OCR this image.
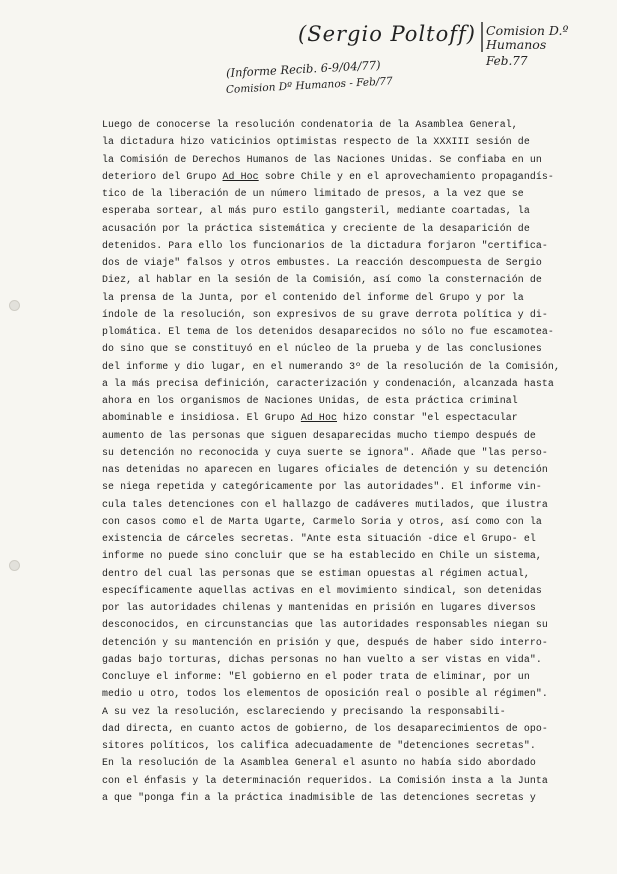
(Sergio Poltoff) Comision D.º
Humanos
Feb.77
(Informe Recib. 6-9/04/77)
Comision Dº Humanos - Feb/77
Luego de conocerse la resolución condenatoria de la Asamblea General,
la dictadura hizo vaticinios optimistas respecto de la XXXIII sesión de
la Comisión de Derechos Humanos de las Naciones Unidas. Se confiaba en un
deterioro del Grupo Ad Hoc sobre Chile y en el aprovechamiento propagandís-
tico de la liberación de un número limitado de presos, a la vez que se
esperaba sortear, al más puro estilo gangsteril, mediante coartadas, la
acusación por la práctica sistemática y creciente de la desaparición de
detenidos. Para ello los funcionarios de la dictadura forjaron "certifica-
dos de viaje" falsos y otros embustes. La reacción descompuesta de Sergio
Diez, al hablar en la sesión de la Comisión, así como la consternación de
la prensa de la Junta, por el contenido del informe del Grupo y por la
índole de la resolución, son expresivos de su grave derrota política y di-
plomática. El tema de los detenidos desaparecidos no sólo no fue escamotea-
do sino que se constituyó en el núcleo de la prueba y de las conclusiones
del informe y dio lugar, en el numerando 3º de la resolución de la Comisión,
a la más precisa definición, caracterización y condenación, alcanzada hasta
ahora en los organismos de Naciones Unidas, de esta práctica criminal
abominable e insidiosa. El Grupo Ad Hoc hizo constar "el espectacular
aumento de las personas que siguen desaparecidas mucho tiempo después de
su detención no reconocida y cuya suerte se ignora". Añade que "las perso-
nas detenidas no aparecen en lugares oficiales de detención y su detención
se niega repetida y categóricamente por las autoridades". El informe vin-
cula tales detenciones con el hallazgo de cadáveres mutilados, que ilustra
con casos como el de Marta Ugarte, Carmelo Soria y otros, así como con la
existencia de cárceles secretas. "Ante esta situación -dice el Grupo- el
informe no puede sino concluir que se ha establecido en Chile un sistema,
dentro del cual las personas que se estiman opuestas al régimen actual,
específicamente aquellas activas en el movimiento sindical, son detenidas
por las autoridades chilenas y mantenidas en prisión en lugares diversos
desconocidos, en circunstancias que las autoridades responsables niegan su
detención y su mantención en prisión y que, después de haber sido interro-
gadas bajo torturas, dichas personas no han vuelto a ser vistas en vida".
Concluye el informe: "El gobierno en el poder trata de eliminar, por un
medio u otro, todos los elementos de oposición real o posible al régimen".
A su vez la resolución, esclareciendo y precisando la responsabili-
dad directa, en cuanto actos de gobierno, de los desaparecimientos de opo-
sitores políticos, los califica adecuadamente de "detenciones secretas".
En la resolución de la Asamblea General el asunto no había sido abordado
con el énfasis y la determinación requeridos. La Comisión insta a la Junta
a que "ponga fin a la práctica inadmisible de las detenciones secretas y
